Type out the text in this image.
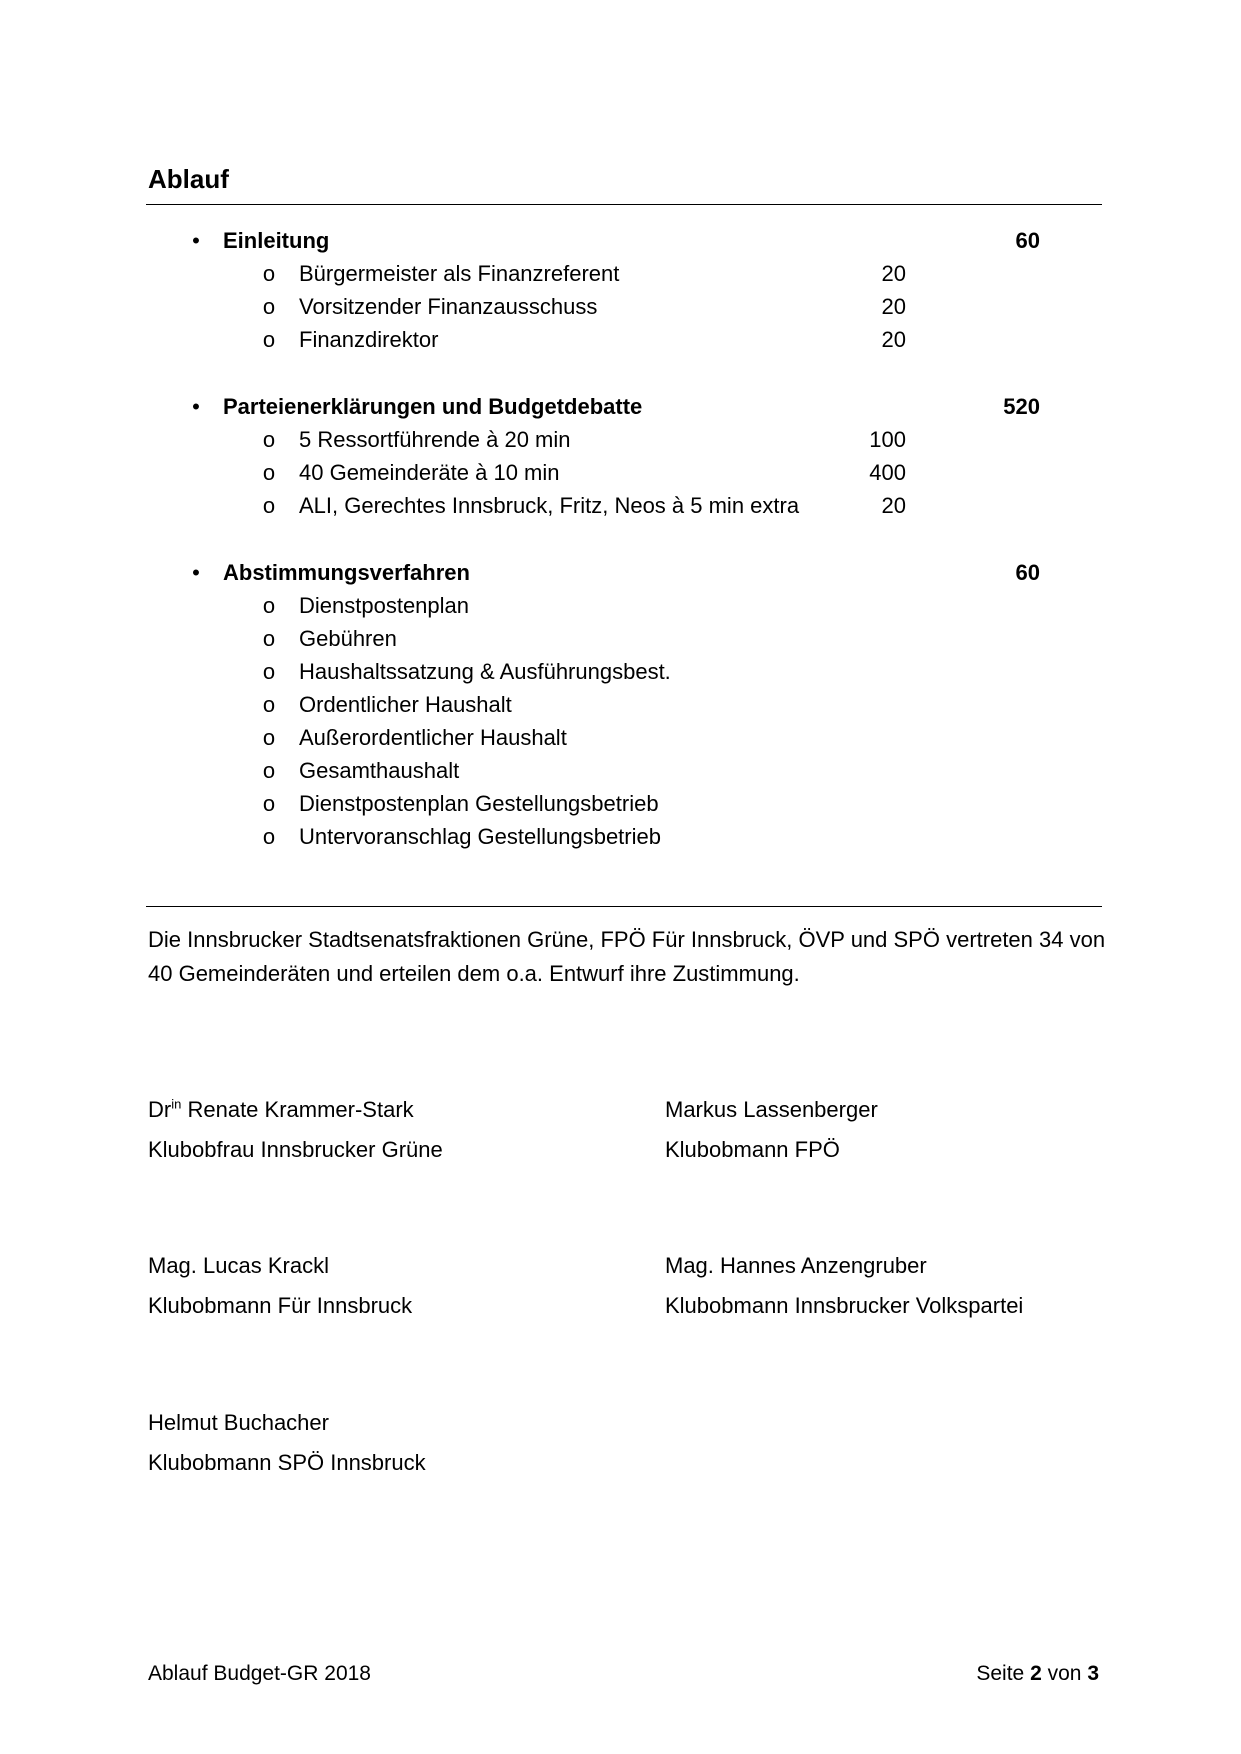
Ablauf
• Einleitung	60
o Bürgermeister als Finanzreferent	20
o Vorsitzender Finanzausschuss	20
o Finanzdirektor	20
• Parteienerklärungen und Budgetdebatte	520
o 5 Ressortführende à 20 min	100
o 40 Gemeinderäte à 10 min	400
o ALI, Gerechtes Innsbruck, Fritz, Neos à 5 min extra	20
• Abstimmungsverfahren	60
o Dienstpostenplan
o Gebühren
o Haushaltssatzung & Ausführungsbest.
o Ordentlicher Haushalt
o Außerordentlicher Haushalt
o Gesamthaushalt
o Dienstpostenplan Gestellungsbetrieb
o Untervoranschlag Gestellungsbetrieb

Die Innsbrucker Stadtsenatsfraktionen Grüne, FPÖ Für Innsbruck, ÖVP und SPÖ vertreten 34 von 40 Gemeinderäten und erteilen dem o.a. Entwurf ihre Zustimmung.

$Dr^{in}$ Renate Krammer-Stark
Klubobfrau Innsbrucker Grüne
Markus Lassenberger
Klubobmann FPÖ
Mag. Lucas Krackl
Klubobmann Für Innsbruck
Mag. Hannes Anzengruber
Klubobmann Innsbrucker Volkspartei
Helmut Buchacher
Klubobmann SPÖ Innsbruck
Ablauf Budget-GR 2018	Seite 2 von 3
